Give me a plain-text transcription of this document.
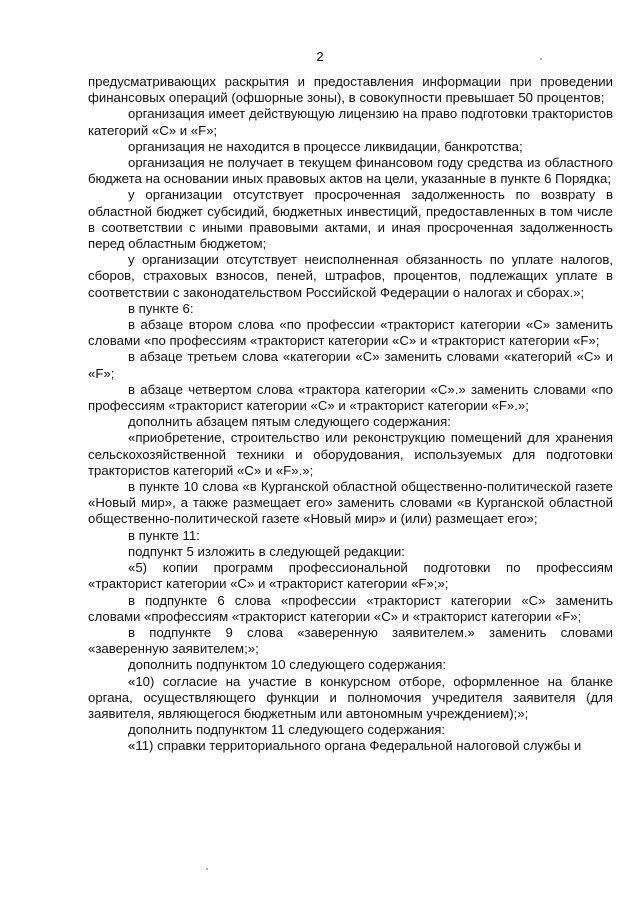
2

предусматривающих раскрытия и предоставления информации при проведении финансовых операций (офшорные зоны), в совокупности превышает 50 процентов;

организация имеет действующую лицензию на право подготовки трактористов категорий «С» и «F»;

организация не находится в процессе ликвидации, банкротства;

организация не получает в текущем финансовом году средства из областного бюджета на основании иных правовых актов на цели, указанные в пункте 6 Порядка;

у организации отсутствует просроченная задолженность по возврату в областной бюджет субсидий, бюджетных инвестиций, предоставленных в том числе в соответствии с иными правовыми актами, и иная просроченная задолженность перед областным бюджетом;

у организации отсутствует неисполненная обязанность по уплате налогов, сборов, страховых взносов, пеней, штрафов, процентов, подлежащих уплате в соответствии с законодательством Российской Федерации о налогах и сборах.»;

в пункте 6:

в абзаце втором слова «по профессии «тракторист категории «С» заменить словами «по профессиям «тракторист категории «С» и «тракторист категории «F»;

в абзаце третьем слова «категории «С» заменить словами «категорий «С» и «F»;

в абзаце четвертом слова «трактора категории «С».» заменить словами «по профессиям «тракторист категории «С» и «тракторист категории «F».»;

дополнить абзацем пятым следующего содержания:

«приобретение, строительство или реконструкцию помещений для хранения сельскохозяйственной техники и оборудования, используемых для подготовки трактористов категорий «С» и «F».»;

в пункте 10 слова «в Курганской областной общественно-политической газете «Новый мир», а также размещает его» заменить словами «в Курганской областной общественно-политической газете «Новый мир» и (или) размещает его»;

в пункте 11:

подпункт 5 изложить в следующей редакции:

«5) копии программ профессиональной подготовки по профессиям «тракторист категории «С» и «тракторист категории «F»;»;

в подпункте 6 слова «профессии «тракторист категории «С» заменить словами «профессиям «тракторист категории «С» и «тракторист категории «F»;

в подпункте 9 слова «заверенную заявителем.» заменить словами «заверенную заявителем;»;

дополнить подпунктом 10 следующего содержания:

«10) согласие на участие в конкурсном отборе, оформленное на бланке органа, осуществляющего функции и полномочия учредителя заявителя (для заявителя, являющегося бюджетным или автономным учреждением);»;

дополнить подпунктом 11 следующего содержания:

«11) справки территориального органа Федеральной налоговой службы и
